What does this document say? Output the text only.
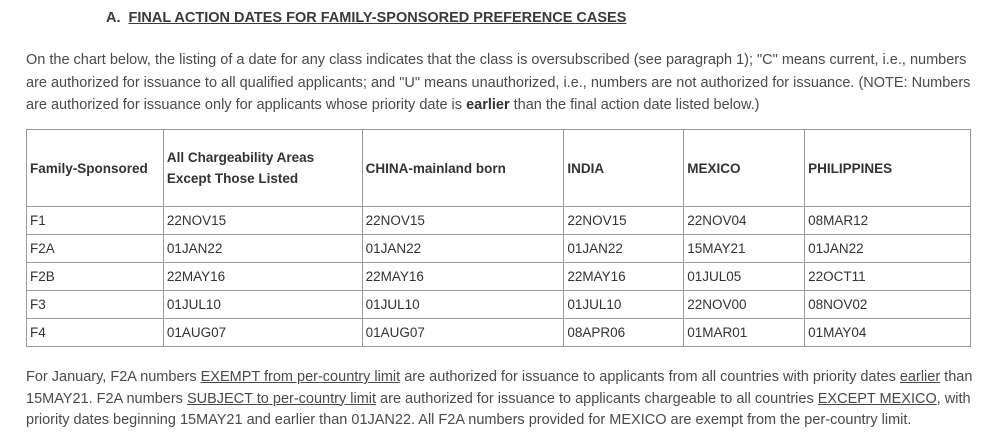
A. FINAL ACTION DATES FOR FAMILY-SPONSORED PREFERENCE CASES
On the chart below, the listing of a date for any class indicates that the class is oversubscribed (see paragraph 1); "C" means current, i.e., numbers are authorized for issuance to all qualified applicants; and "U" means unauthorized, i.e., numbers are not authorized for issuance. (NOTE: Numbers are authorized for issuance only for applicants whose priority date is earlier than the final action date listed below.)
Family-Sponsored	All Chargeability Areas Except Those Listed	CHINA-mainland born	INDIA	MEXICO	PHILIPPINES
F1	22NOV15	22NOV15	22NOV15	22NOV04	08MAR12
F2A	01JAN22	01JAN22	01JAN22	15MAY21	01JAN22
F2B	22MAY16	22MAY16	22MAY16	01JUL05	22OCT11
F3	01JUL10	01JUL10	01JUL10	22NOV00	08NOV02
F4	01AUG07	01AUG07	08APR06	01MAR01	01MAY04
For January, F2A numbers EXEMPT from per-country limit are authorized for issuance to applicants from all countries with priority dates earlier than 15MAY21. F2A numbers SUBJECT to per-country limit are authorized for issuance to applicants chargeable to all countries EXCEPT MEXICO, with priority dates beginning 15MAY21 and earlier than 01JAN22. All F2A numbers provided for MEXICO are exempt from the per-country limit.
